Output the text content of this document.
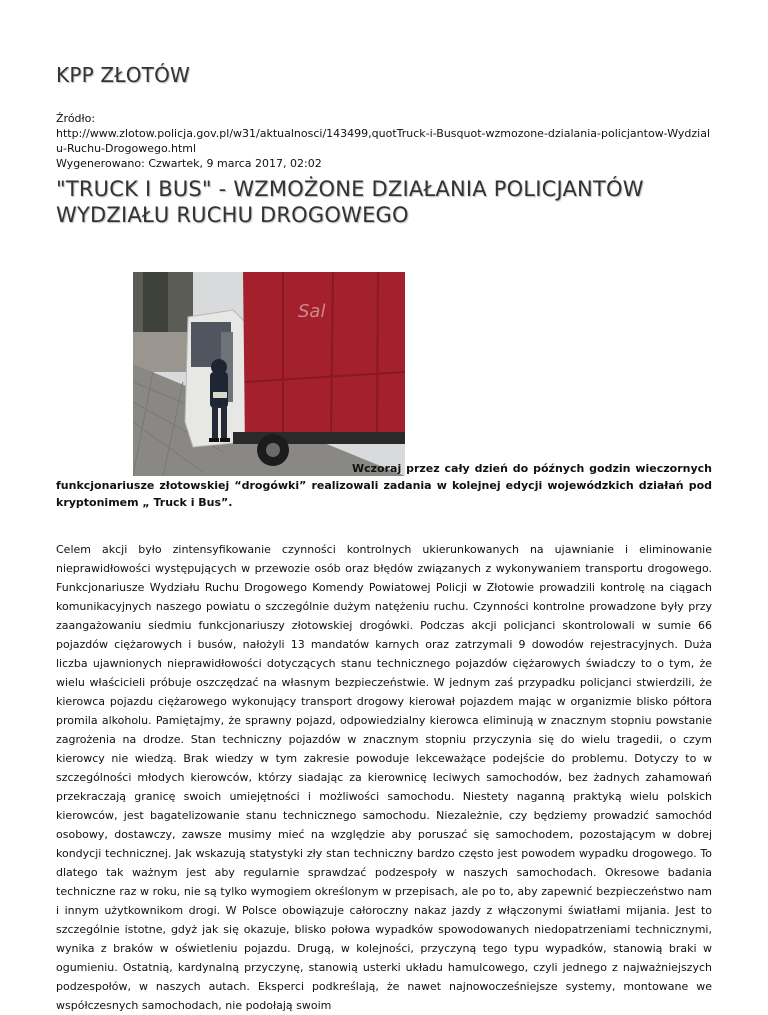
KPP ZŁOTÓW
Źródło:
http://www.zlotow.policja.gov.pl/w31/aktualnosci/143499,quotTruck-i-Busquot-wzmozone-dzialania-policjantow-Wydzialu-Ruchu-Drogowego.html
Wygenerowano: Czwartek, 9 marca 2017, 02:02
"TRUCK I BUS" - WZMOŻONE DZIAŁANIA POLICJANTÓW WYDZIAŁU RUCHU DROGOWEGO
Sal
Wczoraj przez cały dzień do późnych godzin wieczornych funkcjonariusze złotowskiej “drogówki” realizowali zadania w kolejnej edycji wojewódzkich działań pod kryptonimem „ Truck i Bus”.
Celem akcji było zintensyfikowanie czynności kontrolnych ukierunkowanych na ujawnianie i eliminowanie nieprawidłowości występujących w przewozie osób oraz błędów związanych z wykonywaniem transportu drogowego. Funkcjonariusze Wydziału Ruchu Drogowego Komendy Powiatowej Policji w Złotowie prowadzili kontrolę na ciągach komunikacyjnych naszego powiatu o szczególnie dużym natężeniu ruchu. Czynności kontrolne prowadzone były przy zaangażowaniu siedmiu funkcjonariuszy złotowskiej drogówki. Podczas akcji policjanci skontrolowali w sumie 66 pojazdów ciężarowych i busów, nałożyli 13 mandatów karnych oraz zatrzymali 9 dowodów rejestracyjnych. Duża liczba ujawnionych nieprawidłowości dotyczących stanu technicznego pojazdów ciężarowych świadczy to o tym, że wielu właścicieli próbuje oszczędzać na własnym bezpieczeństwie. W jednym zaś przypadku policjanci stwierdzili, że kierowca pojazdu ciężarowego wykonujący transport drogowy kierował pojazdem mając w organizmie blisko półtora promila alkoholu. Pamiętajmy, że sprawny pojazd, odpowiedzialny kierowca eliminują w znacznym stopniu powstanie zagrożenia na drodze. Stan techniczny pojazdów w znacznym stopniu przyczynia się do wielu tragedii, o czym kierowcy nie wiedzą. Brak wiedzy w tym zakresie powoduje lekceważące podejście do problemu. Dotyczy to w szczególności młodych kierowców, którzy siadając za kierownicę leciwych samochodów, bez żadnych zahamowań przekraczają granicę swoich umiejętności i możliwości samochodu. Niestety naganną praktyką wielu polskich kierowców, jest bagatelizowanie stanu technicznego samochodu. Niezależnie, czy będziemy prowadzić samochód osobowy, dostawczy, zawsze musimy mieć na względzie aby poruszać się samochodem, pozostającym w dobrej kondycji technicznej. Jak wskazują statystyki zły stan techniczny bardzo często jest powodem wypadku drogowego. To dlatego tak ważnym jest aby regularnie sprawdzać podzespoły w naszych samochodach. Okresowe badania techniczne raz w roku, nie są tylko wymogiem określonym w przepisach, ale po to, aby zapewnić bezpieczeństwo nam i innym użytkownikom drogi. W Polsce obowiązuje całoroczny nakaz jazdy z włączonymi światłami mijania. Jest to szczególnie istotne, gdyż jak się okazuje, blisko połowa wypadków spowodowanych niedopatrzeniami technicznymi, wynika z braków w oświetleniu pojazdu. Drugą, w kolejności, przyczyną tego typu wypadków, stanowią braki w ogumieniu. Ostatnią, kardynalną przyczynę, stanowią usterki układu hamulcowego, czyli jednego z najważniejszych podzespołów, w naszych autach. Eksperci podkreślają, że nawet najnowocześniejsze systemy, montowane we współczesnych samochodach, nie podołają swoim
